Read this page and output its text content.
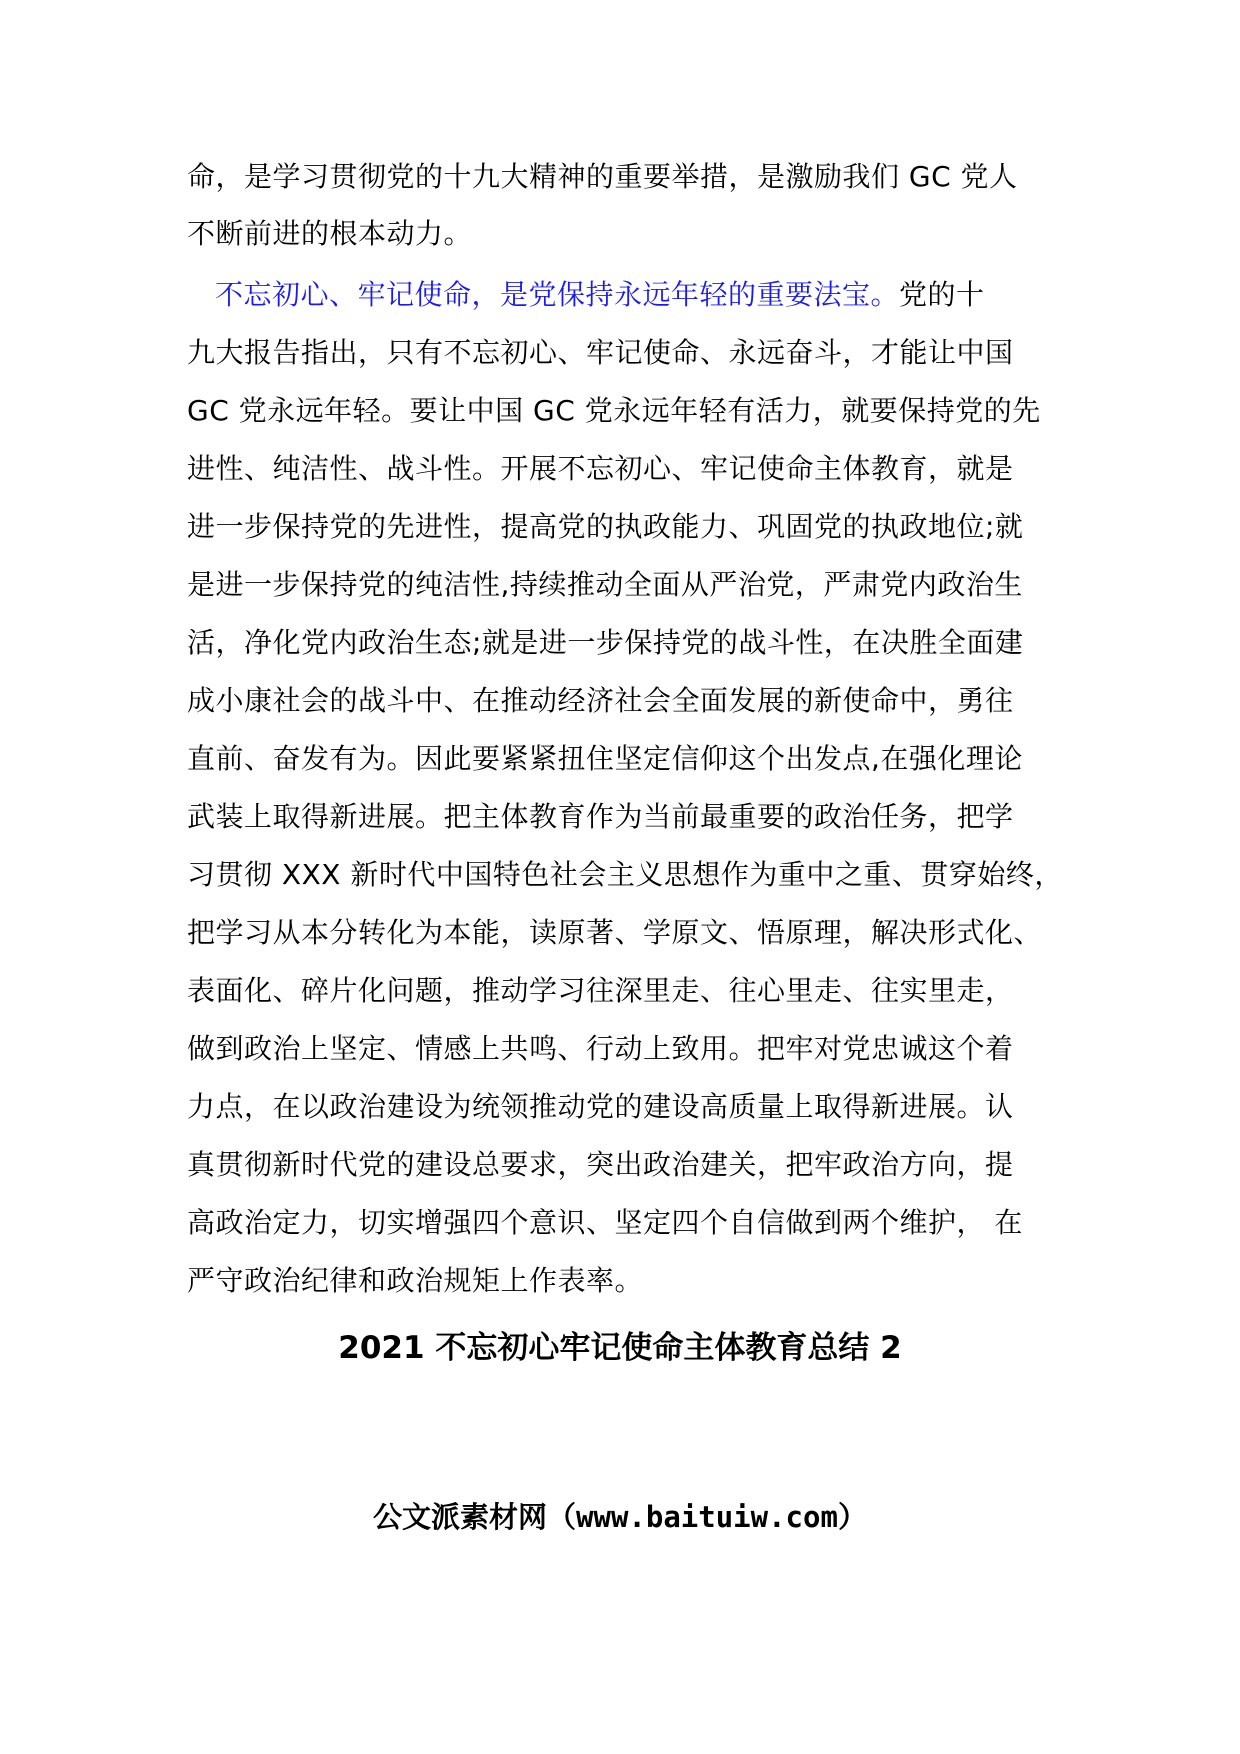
命，是学习贯彻党的十九大精神的重要举措，是激励我们 GC 党人
不断前进的根本动力。
不忘初心、牢记使命，是党保持永远年轻的重要法宝。党的十
九大报告指出，只有不忘初心、牢记使命、永远奋斗，才能让中国
GC 党永远年轻。要让中国 GC 党永远年轻有活力，就要保持党的先
进性、纯洁性、战斗性。开展不忘初心、牢记使命主体教育，就是
进一步保持党的先进性，提高党的执政能力、巩固党的执政地位;就
是进一步保持党的纯洁性,持续推动全面从严治党，严肃党内政治生
活，净化党内政治生态;就是进一步保持党的战斗性，在决胜全面建
成小康社会的战斗中、在推动经济社会全面发展的新使命中，勇往
直前、奋发有为。因此要紧紧扭住坚定信仰这个出发点,在强化理论
武装上取得新进展。把主体教育作为当前最重要的政治任务，把学
习贯彻 XXX 新时代中国特色社会主义思想作为重中之重、贯穿始终，
把学习从本分转化为本能，读原著、学原文、悟原理，解决形式化、
表面化、碎片化问题，推动学习往深里走、往心里走、往实里走，
做到政治上坚定、情感上共鸣、行动上致用。把牢对党忠诚这个着
力点，在以政治建设为统领推动党的建设高质量上取得新进展。认
真贯彻新时代党的建设总要求，突出政治建关，把牢政治方向，提
高政治定力，切实增强四个意识、坚定四个自信做到两个维护， 在
严守政治纪律和政治规矩上作表率。
2021 不忘初心牢记使命主体教育总结 2
公文派素材网（www.baituiw.com）
